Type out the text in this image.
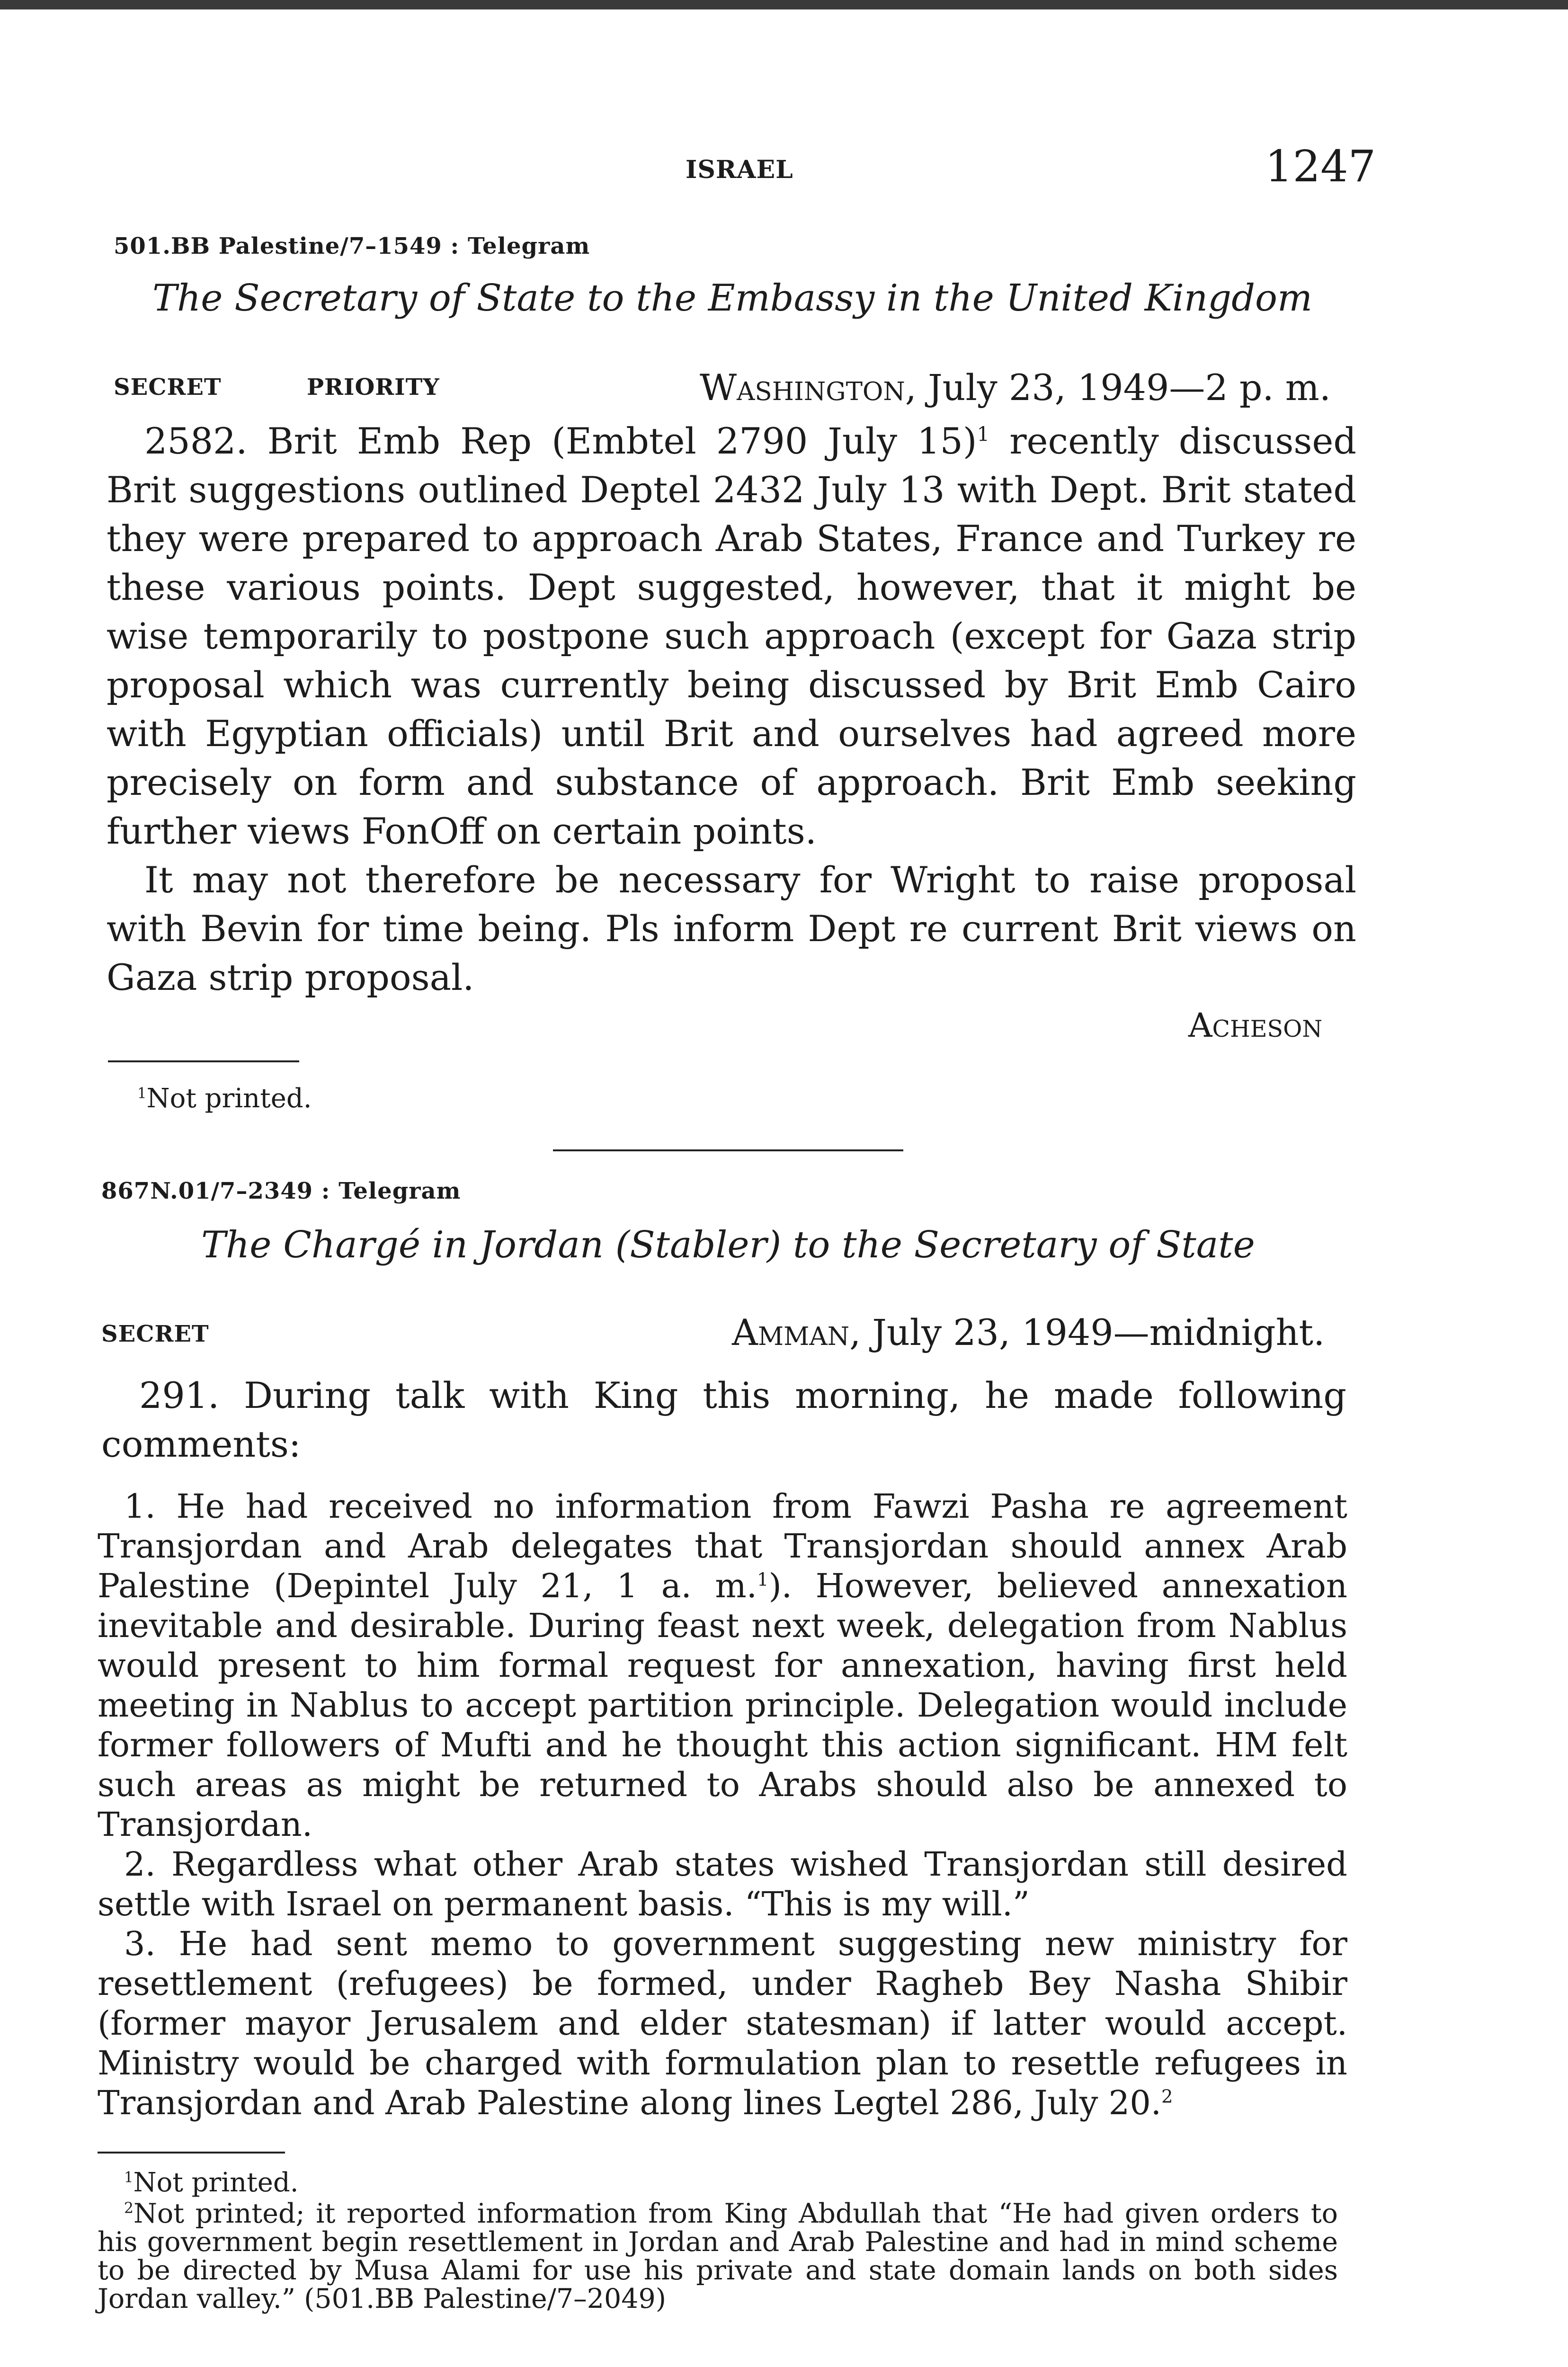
ISRAEL	1247
501.BB Palestine/7–1549 : Telegram
The Secretary of State to the Embassy in the United Kingdom
SECRET	PRIORITY	Washington, July 23, 1949—2 p. m.

2582. Brit Emb Rep (Embtel 2790 July 15)$^1$ recently discussed Brit suggestions outlined Deptel 2432 July 13 with Dept. Brit stated they were prepared to approach Arab States, France and Turkey re these various points. Dept suggested, however, that it might be wise temporarily to postpone such approach (except for Gaza strip proposal which was currently being discussed by Brit Emb Cairo with Egyptian officials) until Brit and ourselves had agreed more precisely on form and substance of approach. Brit Emb seeking further views FonOff on certain points.

It may not therefore be necessary for Wright to raise proposal with Bevin for time being. Pls inform Dept re current Brit views on Gaza strip proposal.

Acheson
$^1$Not printed.
867N.01/7–2349 : Telegram
The Chargé in Jordan (Stabler) to the Secretary of State
SECRET	Amman, July 23, 1949—midnight.

291. During talk with King this morning, he made following comments:

1. He had received no information from Fawzi Pasha re agreement Transjordan and Arab delegates that Transjordan should annex Arab Palestine (Depintel July 21, 1 a. m.$^1$). However, believed annexation inevitable and desirable. During feast next week, delegation from Nablus would present to him formal request for annexation, having first held meeting in Nablus to accept partition principle. Delegation would include former followers of Mufti and he thought this action significant. HM felt such areas as might be returned to Arabs should also be annexed to Transjordan.

2. Regardless what other Arab states wished Transjordan still desired settle with Israel on permanent basis. “This is my will.”

3. He had sent memo to government suggesting new ministry for resettlement (refugees) be formed, under Ragheb Bey Nasha Shibir (former mayor Jerusalem and elder statesman) if latter would accept. Ministry would be charged with formulation plan to resettle refugees in Transjordan and Arab Palestine along lines Legtel 286, July 20.$^2$

$^1$Not printed.
$^2$Not printed; it reported information from King Abdullah that “He had given orders to his government begin resettlement in Jordan and Arab Palestine and had in mind scheme to be directed by Musa Alami for use his private and state domain lands on both sides Jordan valley.” (501.BB Palestine/7–2049)
